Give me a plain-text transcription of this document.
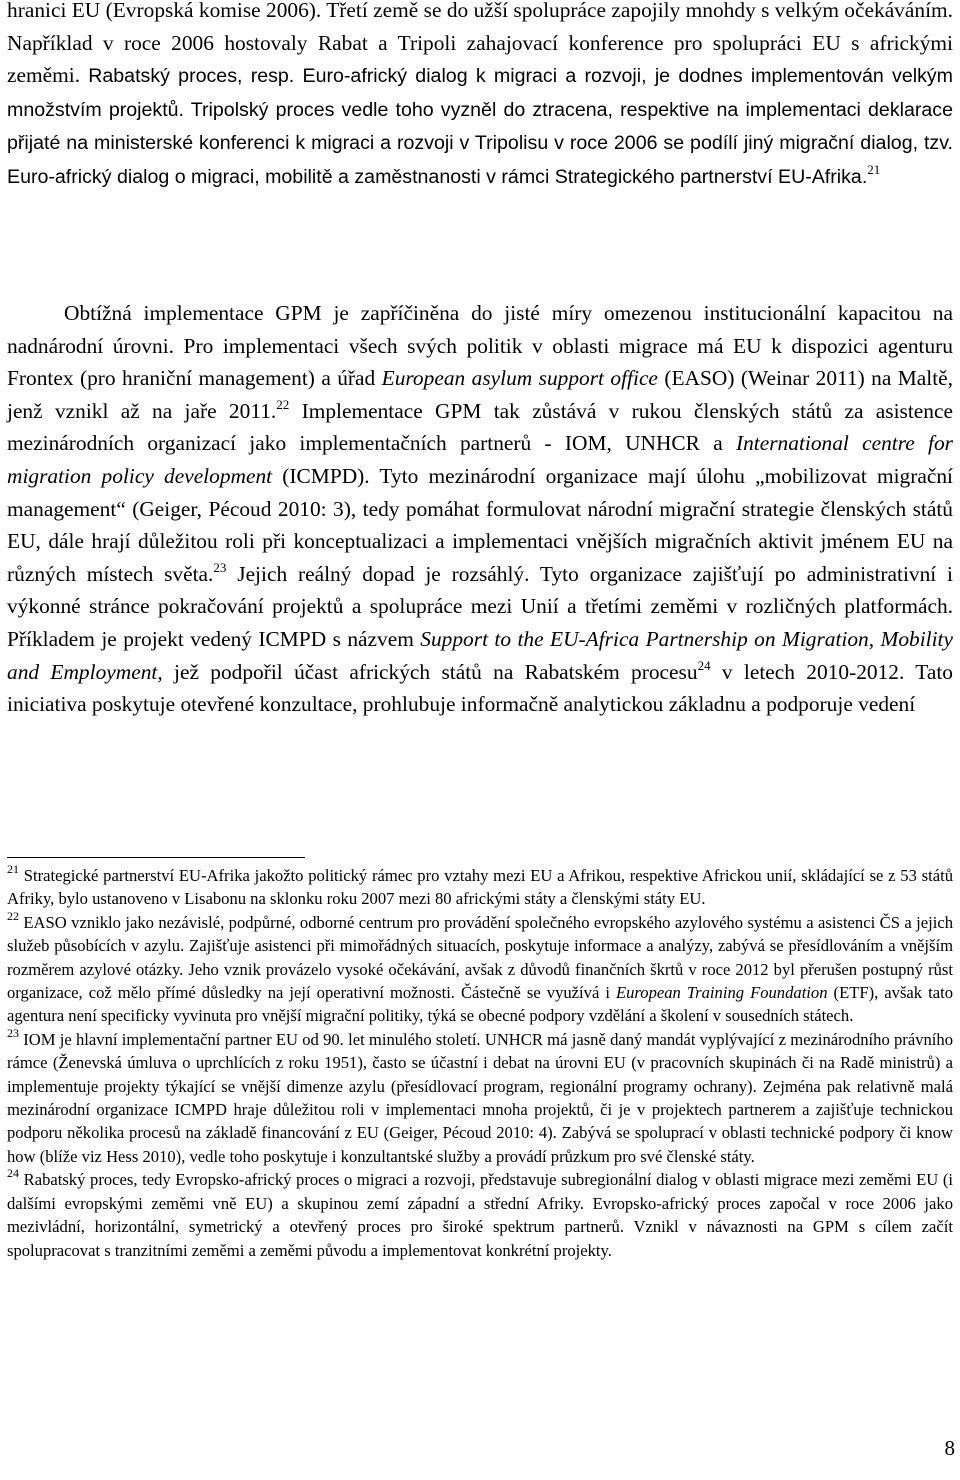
hranici EU (Evropská komise 2006). Třetí země se do užší spolupráce zapojily mnohdy s velkým očekáváním. Například v roce 2006 hostovaly Rabat a Tripoli zahajovací konference pro spolupráci EU s africkými zeměmi. Rabatský proces, resp. Euro-africký dialog k migraci a rozvoji, je dodnes implementován velkým množstvím projektů. Tripolský proces vedle toho vyzněl do ztracena, respektive na implementaci deklarace přijaté na ministerské konferenci k migraci a rozvoji v Tripolisu v roce 2006 se podílí jiný migrační dialog, tzv. Euro-africký dialog o migraci, mobilitě a zaměstnanosti v rámci Strategického partnerství EU-Afrika.$^{21}$

Obtížná implementace GPM je zapříčiněna do jisté míry omezenou institucionální kapacitou na nadnárodní úrovni. Pro implementaci všech svých politik v oblasti migrace má EU k dispozici agenturu Frontex (pro hraniční management) a úřad European asylum support office (EASO) (Weinar 2011) na Maltě, jenž vznikl až na jaře 2011.22 Implementace GPM tak zůstává v rukou členských států za asistence mezinárodních organizací jako implementačních partnerů - IOM, UNHCR a International centre for migration policy development (ICMPD). Tyto mezinárodní organizace mají úlohu „mobilizovat migrační management“ (Geiger, Pécoud 2010: 3), tedy pomáhat formulovat národní migrační strategie členských států EU, dále hrají důležitou roli při konceptualizaci a implementaci vnějších migračních aktivit jménem EU na různých místech světa.$^{23}$ Jejich reálný dopad je rozsáhlý. Tyto organizace zajišťují po administrativní i výkonné stránce pokračování projektů a spolupráce mezi Unií a třetími zeměmi v rozličných platformách. Příkladem je projekt vedený ICMPD s názvem Support to the EU-Africa Partnership on Migration, Mobility and Employment, jež podpořil účast afrických států na Rabatském procesu$^{24}$ v letech 2010-2012. Tato iniciativa poskytuje otevřené konzultace, prohlubuje informačně analytickou základnu a podporuje vedení

$^{21}$ Strategické partnerství EU-Afrika jakožto politický rámec pro vztahy mezi EU a Afrikou, respektive Africkou unií, skládající se z 53 států Afriky, bylo ustanoveno v Lisabonu na sklonku roku 2007 mezi 80 africkými státy a členskými státy EU.

$^{22}$ EASO vzniklo jako nezávislé, podpůrné, odborné centrum pro provádění společného evropského azylového systému a asistenci ČS a jejich služeb působících v azylu. Zajišťuje asistenci při mimořádných situacích, poskytuje informace a analýzy, zabývá se přesídlováním a vnějším rozměrem azylové otázky. Jeho vznik provázelo vysoké očekávání, avšak z důvodů finančních škrtů v roce 2012 byl přerušen postupný růst organizace, což mělo přímé důsledky na její operativní možnosti. Částečně se využívá i European Training Foundation (ETF), avšak tato agentura není specificky vyvinuta pro vnější migrační politiky, týká se obecné podpory vzdělání a školení v sousedních státech.

$^{23}$ IOM je hlavní implementační partner EU od 90. let minulého století. UNHCR má jasně daný mandát vyplývající z mezinárodního právního rámce (Ženevská úmluva o uprchlících z roku 1951), často se účastní i debat na úrovni EU (v pracovních skupinách či na Radě ministrů) a implementuje projekty týkající se vnější dimenze azylu (přesídlovací program, regionální programy ochrany). Zejména pak relativně malá mezinárodní organizace ICMPD hraje důležitou roli v implementaci mnoha projektů, či je v projektech partnerem a zajišťuje technickou podporu několika procesů na základě financování z EU (Geiger, Pécoud 2010: 4). Zabývá se spoluprací v oblasti technické podpory či know how (blíže viz Hess 2010), vedle toho poskytuje i konzultantské služby a provádí průzkum pro své členské státy.

$^{24}$ Rabatský proces, tedy Evropsko-africký proces o migraci a rozvoji, představuje subregionální dialog v oblasti migrace mezi zeměmi EU (i dalšími evropskými zeměmi vně EU) a skupinou zemí západní a střední Afriky. Evropsko-africký proces započal v roce 2006 jako mezivládní, horizontální, symetrický a otevřený proces pro široké spektrum partnerů. Vznikl v návaznosti na GPM s cílem začít spolupracovat s tranzitními zeměmi a zeměmi původu a implementovat konkrétní projekty.

8
